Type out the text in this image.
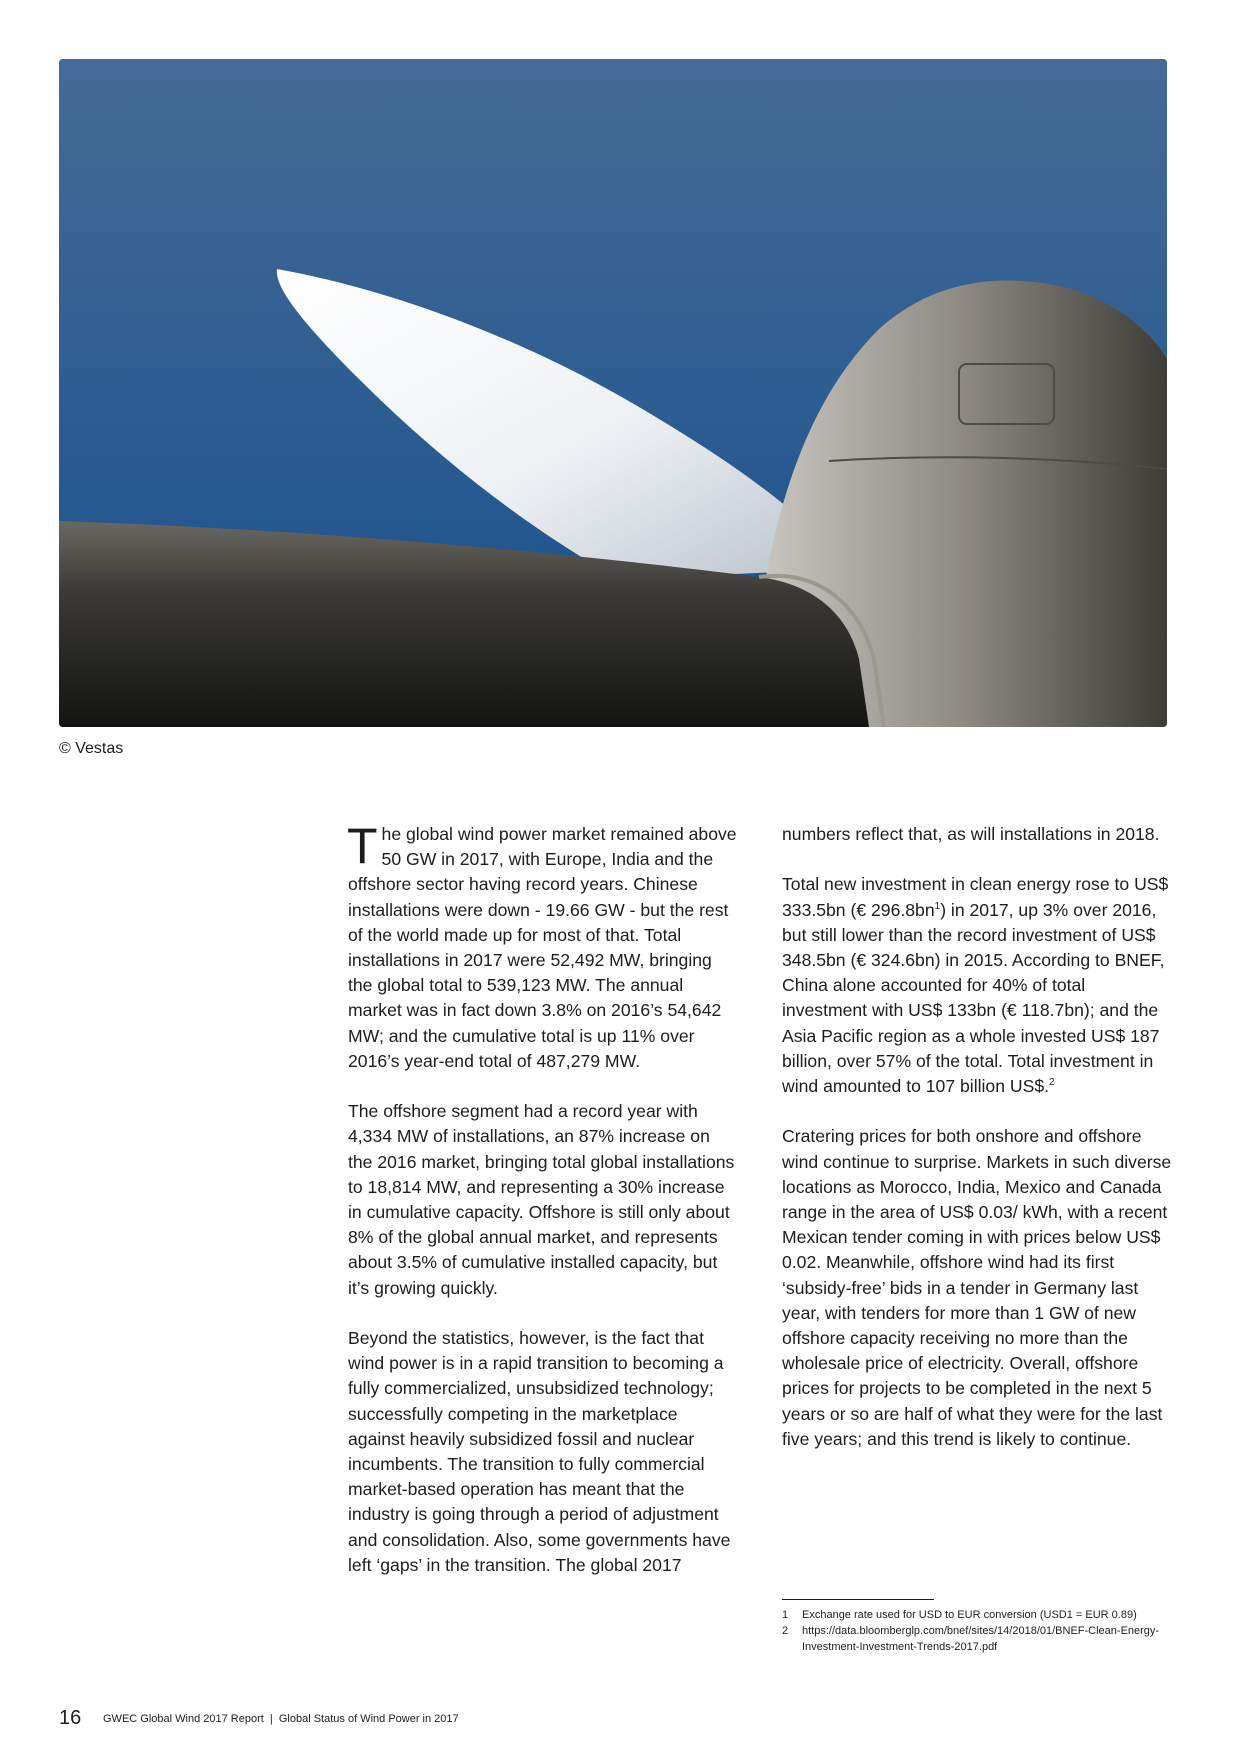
© Vestas

The global wind power market remained above 50 GW in 2017, with Europe, India and the offshore sector having record years. Chinese installations were down - 19.66 GW - but the rest of the world made up for most of that. Total installations in 2017 were 52,492 MW, bringing the global total to 539,123 MW. The annual market was in fact down 3.8% on 2016’s 54,642 MW; and the cumulative total is up 11% over 2016’s year-end total of 487,279 MW.

The offshore segment had a record year with 4,334 MW of installations, an 87% increase on the 2016 market, bringing total global installations to 18,814 MW, and representing a 30% increase in cumulative capacity. Offshore is still only about 8% of the global annual market, and represents about 3.5% of cumulative installed capacity, but it’s growing quickly.

Beyond the statistics, however, is the fact that wind power is in a rapid transition to becoming a fully commercialized, unsubsidized technology; successfully competing in the marketplace against heavily subsidized fossil and nuclear incumbents. The transition to fully commercial market-based operation has meant that the industry is going through a period of adjustment and consolidation. Also, some governments have left ‘gaps’ in the transition. The global 2017

numbers reflect that, as will installations in 2018.

Total new investment in clean energy rose to US$ 333.5bn (€ $296.8bn^1$) in 2017, up 3% over 2016, but still lower than the record investment of US$ 348.5bn (€ 324.6bn) in 2015. According to BNEF, China alone accounted for 40% of total investment with US$ 133bn (€ 118.7bn); and the Asia Pacific region as a whole invested US$ 187 billion, over 57% of the total. Total investment in wind amounted to 107 billion US$.$^2$

Cratering prices for both onshore and offshore wind continue to surprise. Markets in such diverse locations as Morocco, India, Mexico and Canada range in the area of US$ 0.03/ kWh, with a recent Mexican tender coming in with prices below US$ 0.02. Meanwhile, offshore wind had its first ‘subsidy-free’ bids in a tender in Germany last year, with tenders for more than 1 GW of new offshore capacity receiving no more than the wholesale price of electricity. Overall, offshore prices for projects to be completed in the next 5 years or so are half of what they were for the last five years; and this trend is likely to continue.

1	Exchange rate used for USD to EUR conversion (USD1 = EUR 0.89)
2	https://data.bloomberglp.com/bnef/sites/14/2018/01/BNEF-Clean-Energy-Investment-Investment-Trends-2017.pdf
16 GWEC Global Wind 2017 Report  |  Global Status of Wind Power in 2017
